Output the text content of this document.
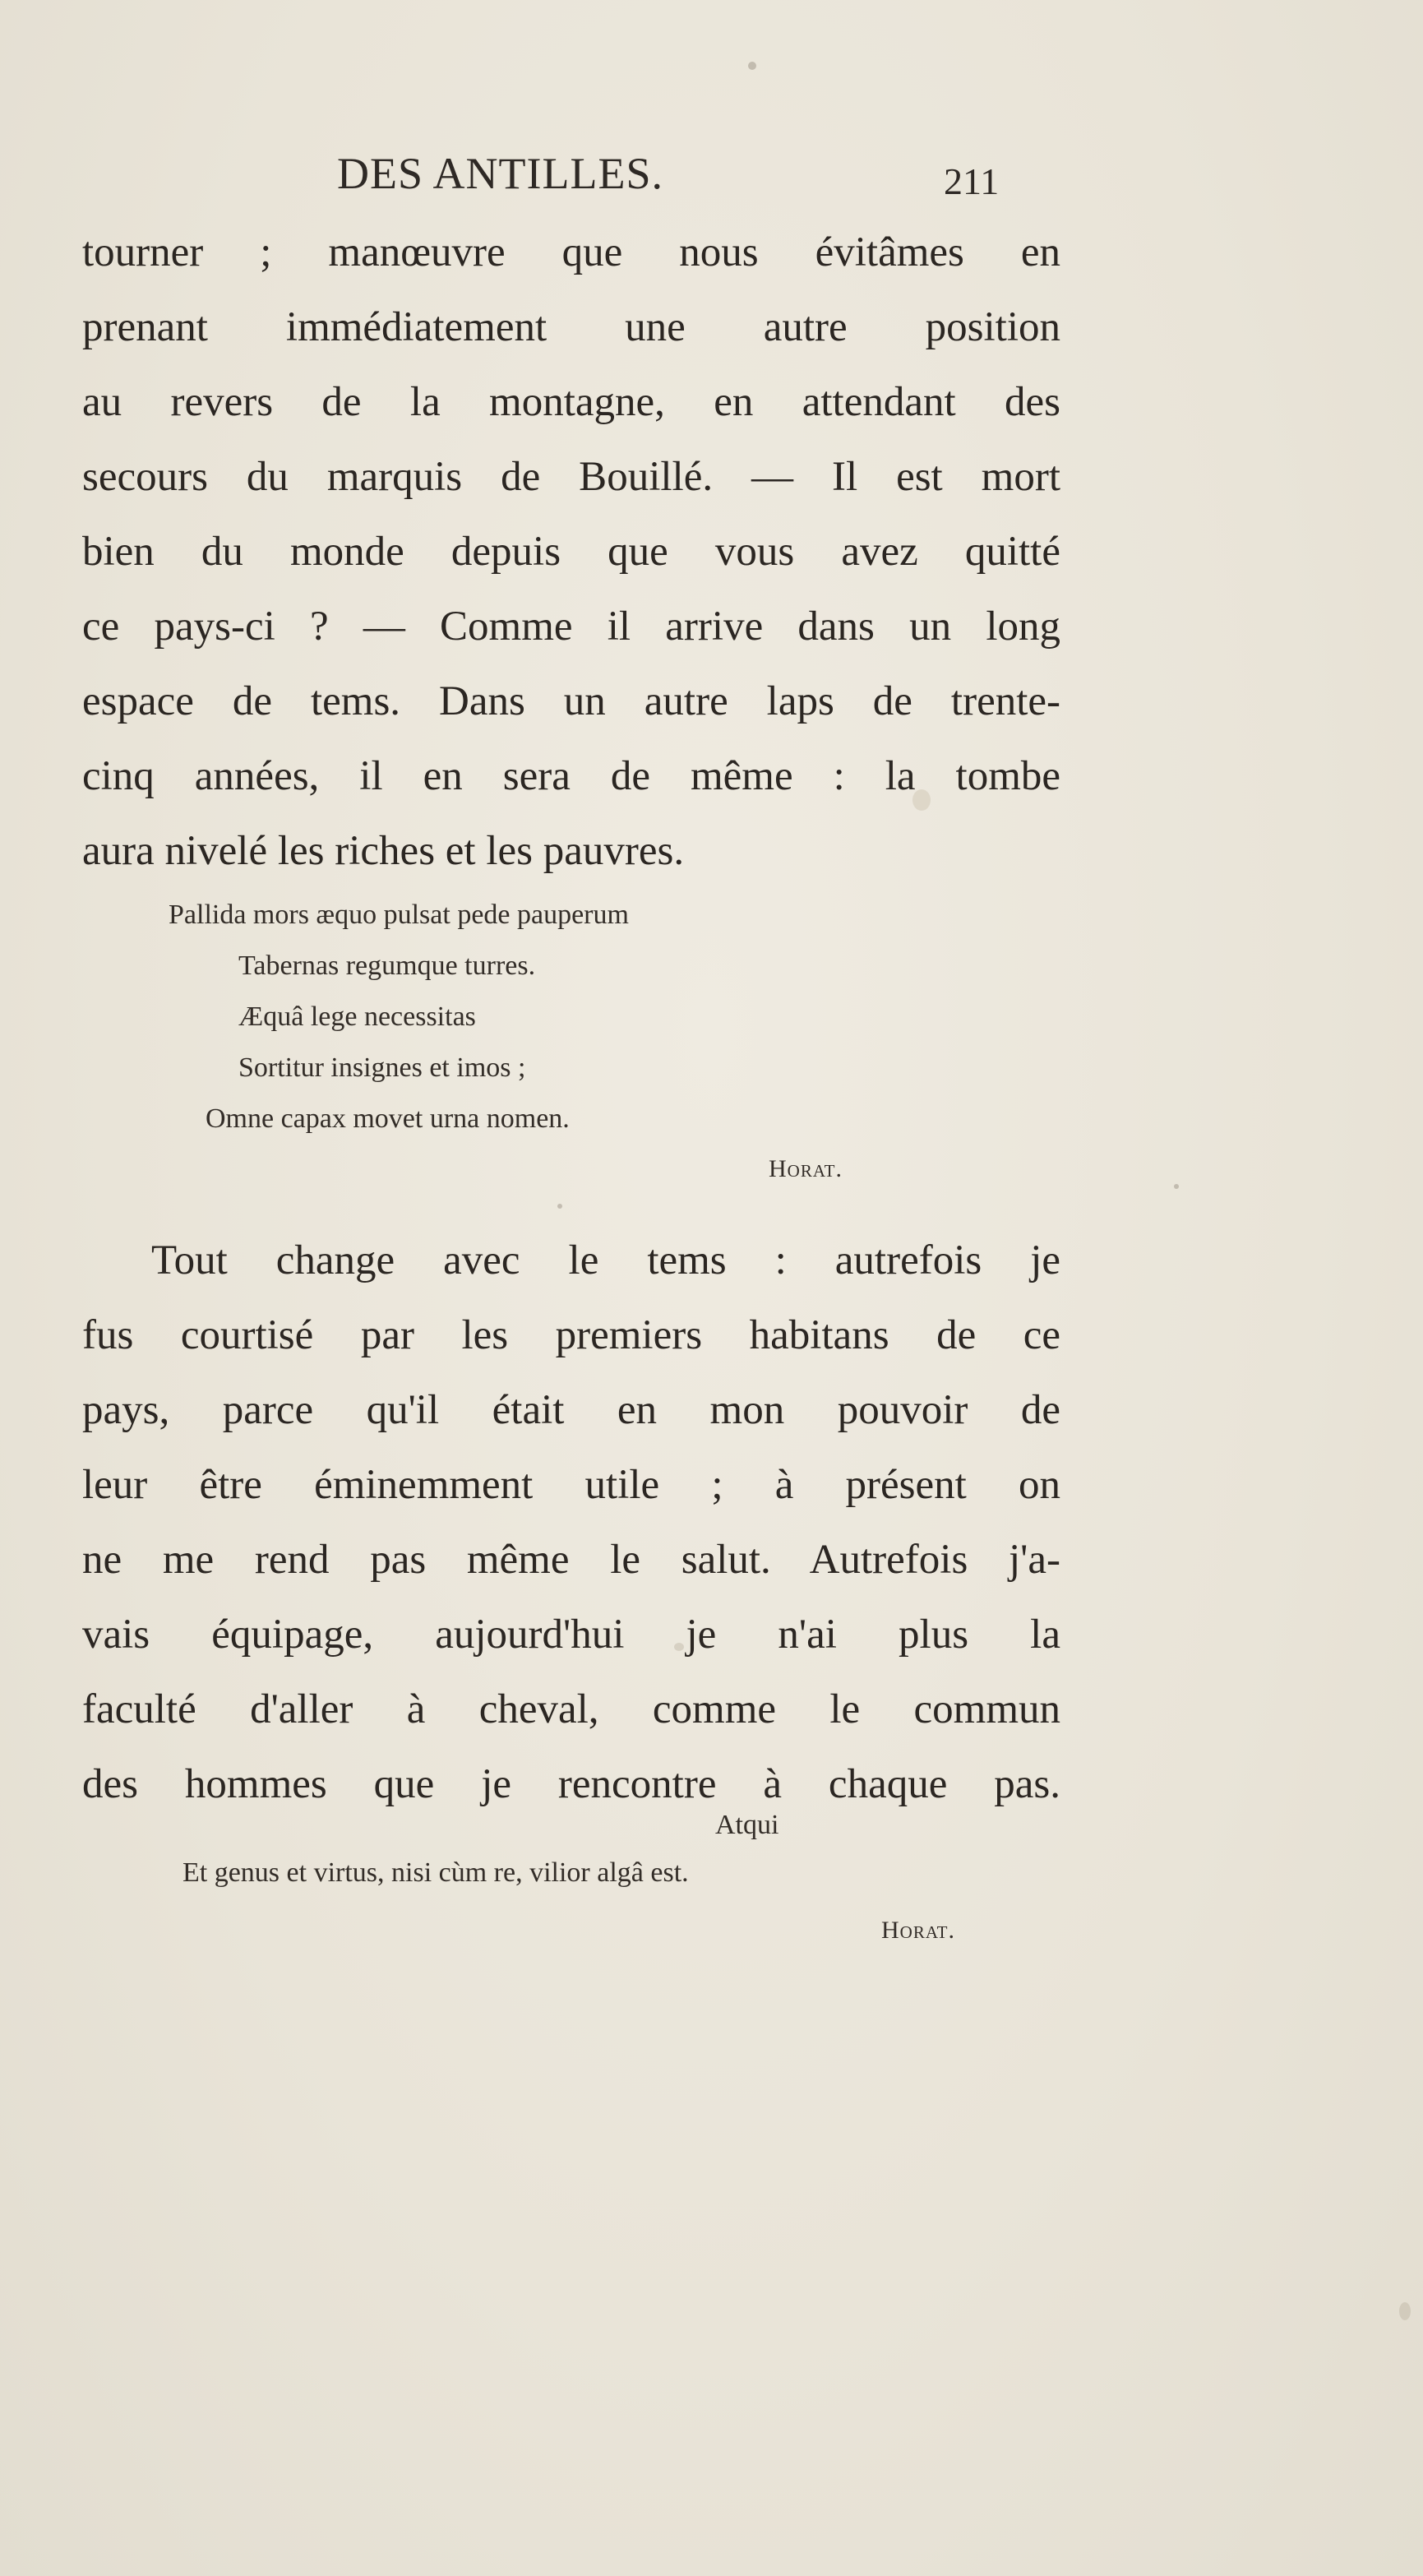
DES ANTILLES.	211
tourner ; manœuvre que nous évitâmes en
prenant immédiatement une autre position
au revers de la montagne, en attendant des
secours du marquis de Bouillé. — Il est mort
bien du monde depuis que vous avez quitté
ce pays-ci ? — Comme il arrive dans un long
espace de tems. Dans un autre laps de trente-
cinq années, il en sera de même : la tombe
aura nivelé les riches et les pauvres.
Pallida mors æquo pulsat pede pauperum
Tabernas regumque turres.
Æquâ lege necessitas
Sortitur insignes et imos ;
Omne capax movet urna nomen.
Horat.
Tout change avec le tems : autrefois je
fus courtisé par les premiers habitans de ce
pays, parce qu'il était en mon pouvoir de
leur être éminemment utile ; à présent on
ne me rend pas même le salut. Autrefois j'a-
vais équipage, aujourd'hui je n'ai plus la
faculté d'aller à cheval, comme le commun
des hommes que je rencontre à chaque pas.
Atqui
Et genus et virtus, nisi cùm re, vilior algâ est.
Horat.
